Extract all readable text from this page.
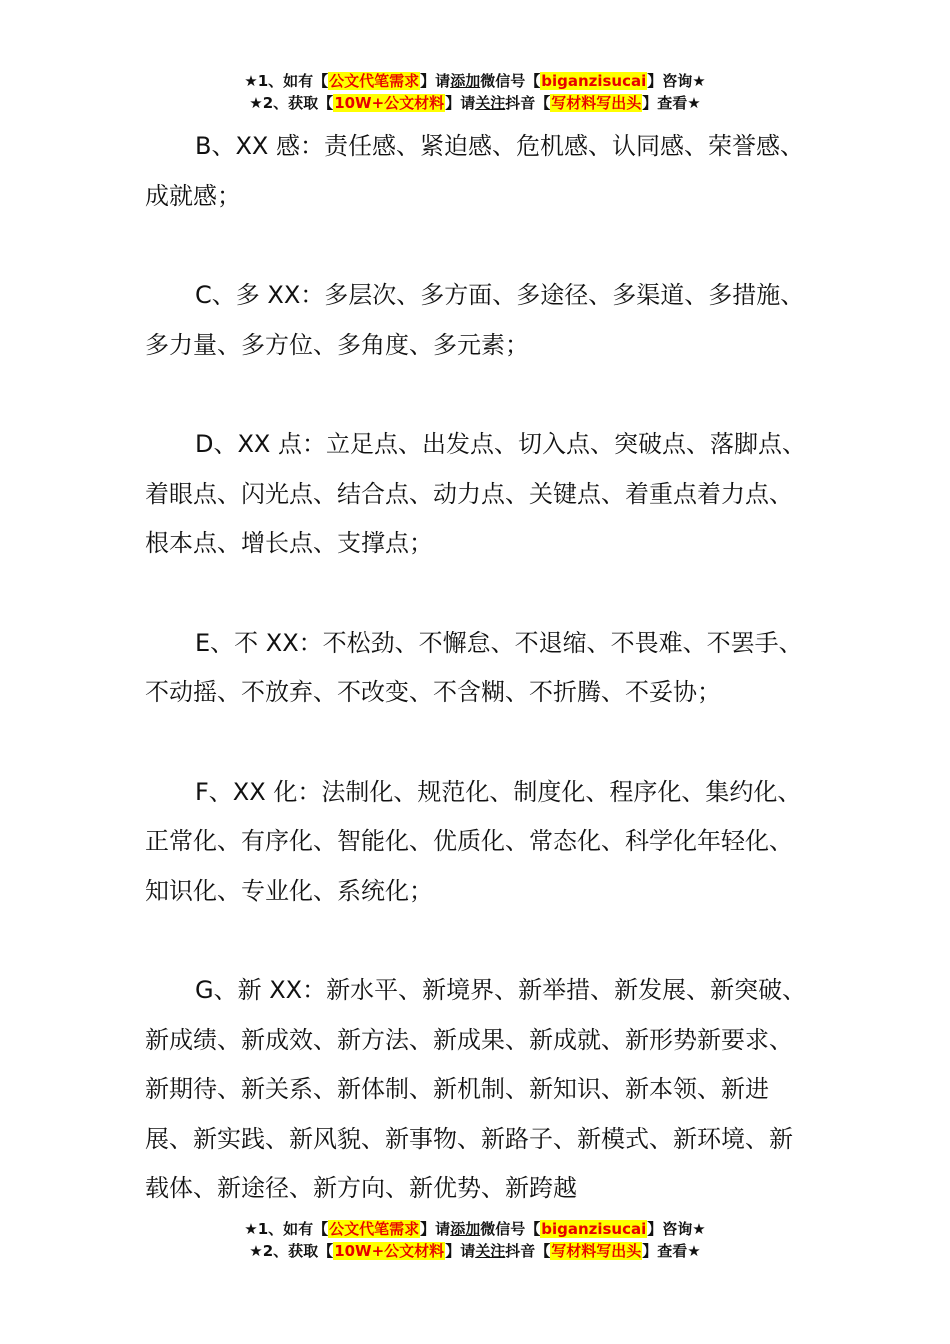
★1、如有【公文代笔需求】请添加微信号【biganzisucai】咨询★
★2、获取【10W+公文材料】请关注抖音【写材料写出头】查看★

B、XX 感：责任感、紧迫感、危机感、认同感、荣誉感、成就感；

C、多 XX：多层次、多方面、多途径、多渠道、多措施、多力量、多方位、多角度、多元素；

D、XX 点：立足点、出发点、切入点、突破点、落脚点、着眼点、闪光点、结合点、动力点、关键点、着重点着力点、根本点、增长点、支撑点；

E、不 XX：不松劲、不懈怠、不退缩、不畏难、不罢手、不动摇、不放弃、不改变、不含糊、不折腾、不妥协；

F、XX 化：法制化、规范化、制度化、程序化、集约化、正常化、有序化、智能化、优质化、常态化、科学化年轻化、知识化、专业化、系统化；

G、新 XX：新水平、新境界、新举措、新发展、新突破、新成绩、新成效、新方法、新成果、新成就、新形势新要求、新期待、新关系、新体制、新机制、新知识、新本领、新进展、新实践、新风貌、新事物、新路子、新模式、新环境、新载体、新途径、新方向、新优势、新跨越

★1、如有【公文代笔需求】请添加微信号【biganzisucai】咨询★
★2、获取【10W+公文材料】请关注抖音【写材料写出头】查看★
